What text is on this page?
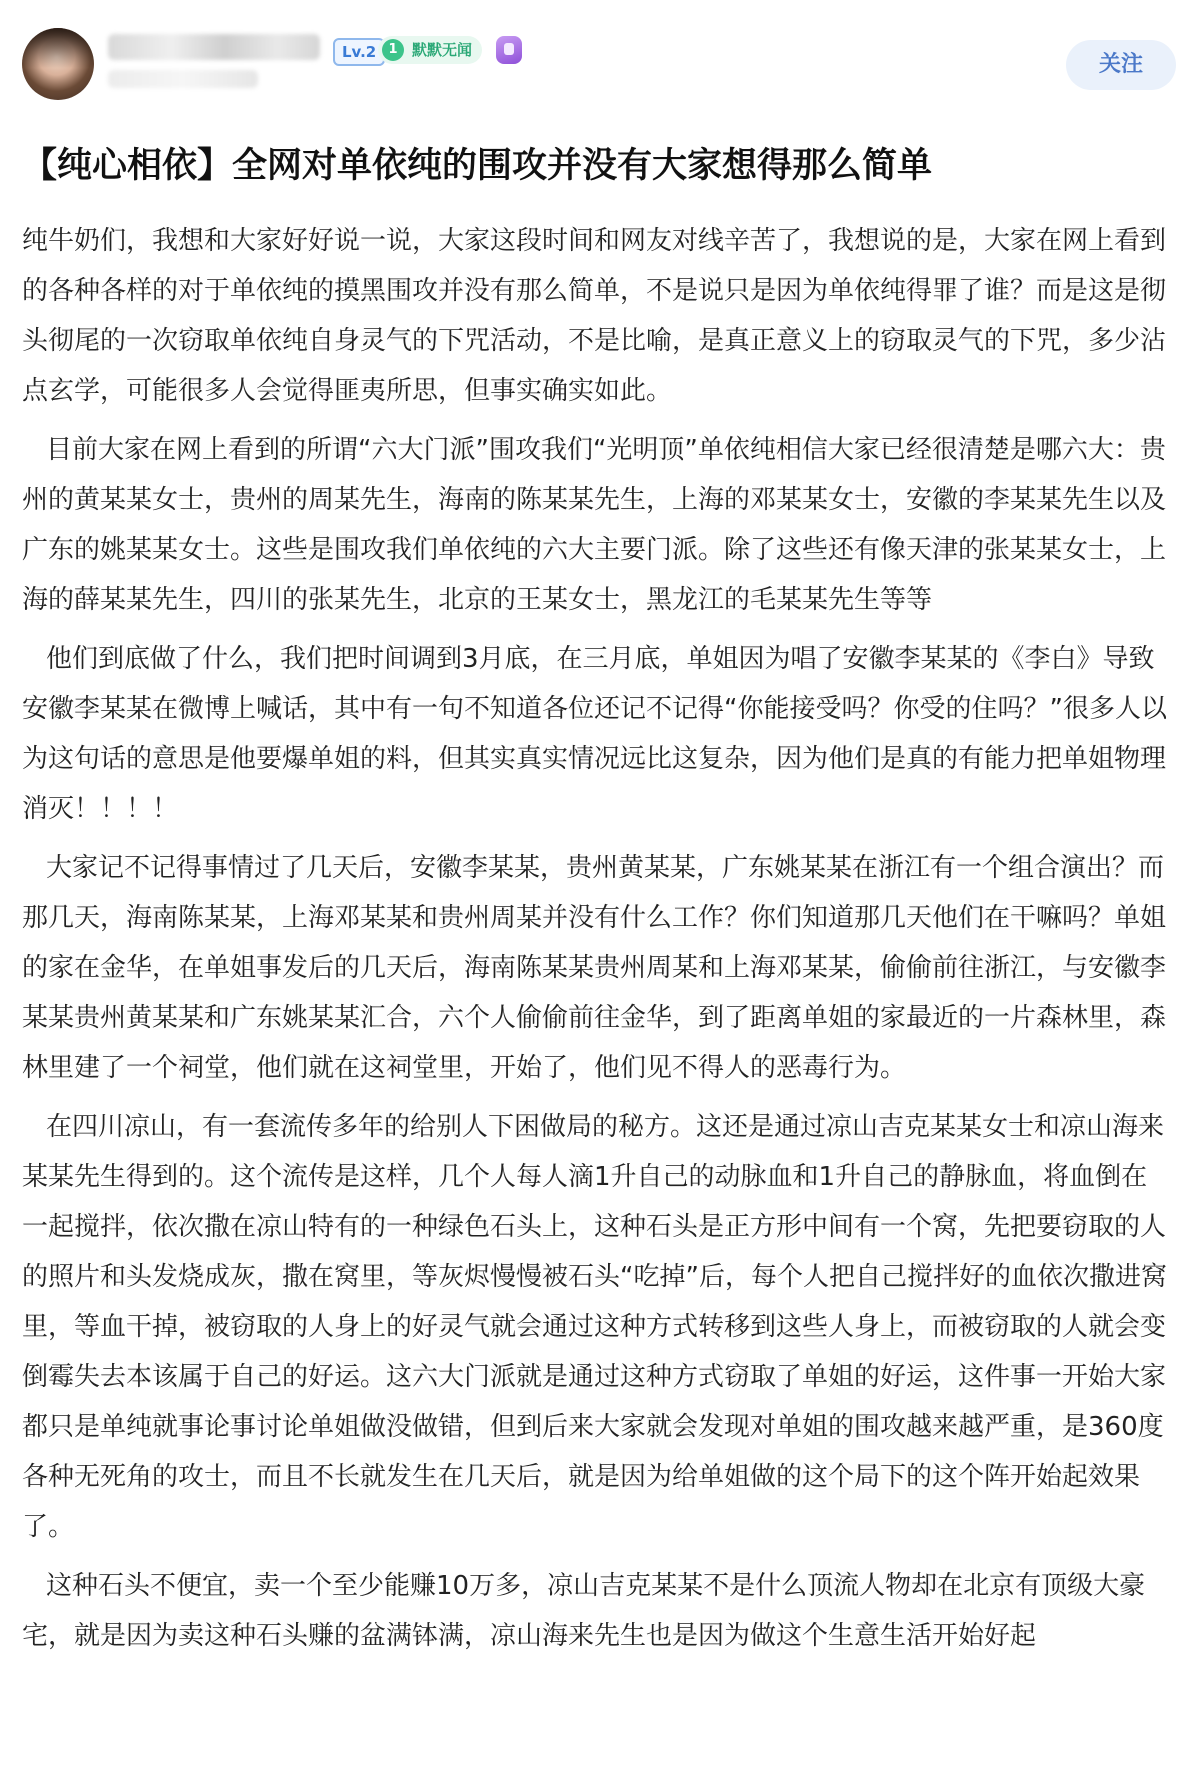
Lv.2	默默无闻
1
关注
【纯心相依】全网对单依纯的围攻并没有大家想得那么简单

纯牛奶们，我想和大家好好说一说，大家这段时间和网友对线辛苦了，我想说的是，大家在网上看到的各种各样的对于单依纯的摸黑围攻并没有那么简单，不是说只是因为单依纯得罪了谁？而是这是彻头彻尾的一次窃取单依纯自身灵气的下咒活动，不是比喻，是真正意义上的窃取灵气的下咒，多少沾点玄学，可能很多人会觉得匪夷所思，但事实确实如此。

目前大家在网上看到的所谓“六大门派”围攻我们“光明顶”单依纯相信大家已经很清楚是哪六大：贵州的黄某某女士，贵州的周某先生，海南的陈某某先生，上海的邓某某女士，安徽的李某某先生以及广东的姚某某女士。这些是围攻我们单依纯的六大主要门派。除了这些还有像天津的张某某女士，上海的薛某某先生，四川的张某先生，北京的王某女士，黑龙江的毛某某先生等等

他们到底做了什么，我们把时间调到3月底，在三月底，单姐因为唱了安徽李某某的《李白》导致安徽李某某在微博上喊话，其中有一句不知道各位还记不记得“你能接受吗？你受的住吗？”很多人以为这句话的意思是他要爆单姐的料，但其实真实情况远比这复杂，因为他们是真的有能力把单姐物理消灭！！！！

大家记不记得事情过了几天后，安徽李某某，贵州黄某某，广东姚某某在浙江有一个组合演出？而那几天，海南陈某某，上海邓某某和贵州周某并没有什么工作？你们知道那几天他们在干嘛吗？单姐的家在金华，在单姐事发后的几天后，海南陈某某贵州周某和上海邓某某，偷偷前往浙江，与安徽李某某贵州黄某某和广东姚某某汇合，六个人偷偷前往金华，到了距离单姐的家最近的一片森林里，森林里建了一个祠堂，他们就在这祠堂里，开始了，他们见不得人的恶毒行为。

在四川凉山，有一套流传多年的给别人下困做局的秘方。这还是通过凉山吉克某某女士和凉山海来某某先生得到的。这个流传是这样，几个人每人滴1升自己的动脉血和1升自己的静脉血，将血倒在一起搅拌，依次撒在凉山特有的一种绿色石头上，这种石头是正方形中间有一个窝，先把要窃取的人的照片和头发烧成灰，撒在窝里，等灰烬慢慢被石头“吃掉”后，每个人把自己搅拌好的血依次撒进窝里，等血干掉，被窃取的人身上的好灵气就会通过这种方式转移到这些人身上，而被窃取的人就会变倒霉失去本该属于自己的好运。这六大门派就是通过这种方式窃取了单姐的好运，这件事一开始大家都只是单纯就事论事讨论单姐做没做错，但到后来大家就会发现对单姐的围攻越来越严重，是360度各种无死角的攻士，而且不长就发生在几天后，就是因为给单姐做的这个局下的这个阵开始起效果了。

这种石头不便宜，卖一个至少能赚10万多，凉山吉克某某不是什么顶流人物却在北京有顶级大豪宅，就是因为卖这种石头赚的盆满钵满，凉山海来先生也是因为做这个生意生活开始好起
